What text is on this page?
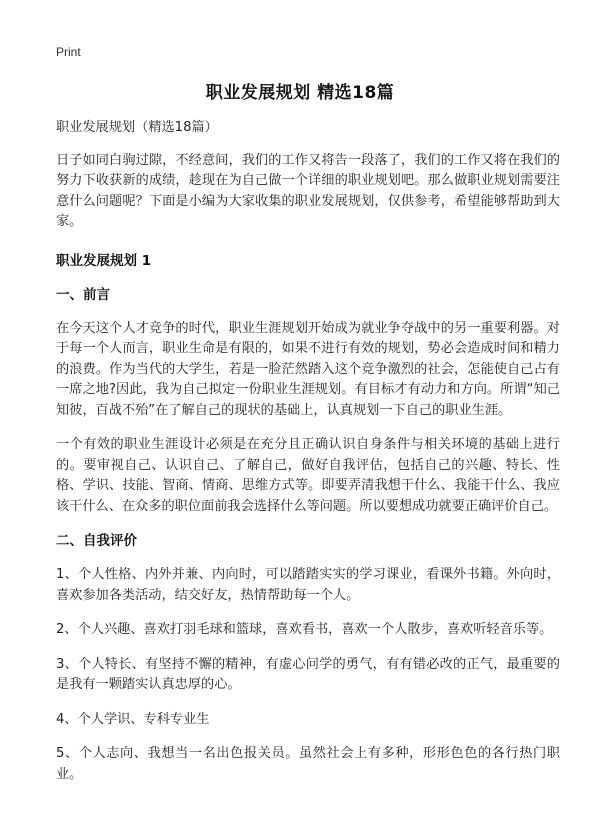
Print
职业发展规划 精选18篇

职业发展规划（精选18篇）

日子如同白驹过隙，不经意间，我们的工作又将告一段落了，我们的工作又将在我们的努力下收获新的成绩，趁现在为自己做一个详细的职业规划吧。那么做职业规划需要注意什么问题呢？下面是小编为大家收集的职业发展规划，仅供参考，希望能够帮助到大家。

职业发展规划 1
一、前言

在今天这个人才竞争的时代，职业生涯规划开始成为就业争夺战中的另一重要利器。对于每一个人而言，职业生命是有限的，如果不进行有效的规划，势必会造成时间和精力的浪费。作为当代的大学生，若是一脸茫然踏入这个竞争激烈的社会，怎能使自己占有一席之地?因此，我为自己拟定一份职业生涯规划。有目标才有动力和方向。所谓“知己知彼，百战不殆”在了解自己的现状的基础上，认真规划一下自己的职业生涯。

一个有效的职业生涯设计必须是在充分且正确认识自身条件与相关环境的基础上进行的。要审视自己、认识自己、了解自己，做好自我评估，包括自己的兴趣、特长、性格、学识、技能、智商、情商、思维方式等。即要弄清我想干什么、我能干什么、我应该干什么、在众多的职位面前我会选择什么等问题。所以要想成功就要正确评价自己。

二、自我评价

1、个人性格、内外并兼、内向时，可以踏踏实实的学习课业，看课外书籍。外向时，喜欢参加各类活动，结交好友，热情帮助每一个人。

2、个人兴趣、喜欢打羽毛球和篮球，喜欢看书，喜欢一个人散步，喜欢听轻音乐等。

3、个人特长、有坚持不懈的精神，有虚心问学的勇气，有有错必改的正气，最重要的是我有一颗踏实认真忠厚的心。

4、个人学识、专科专业生

5、个人志向、我想当一名出色报关员。虽然社会上有多种，形形色色的各行热门职业。
